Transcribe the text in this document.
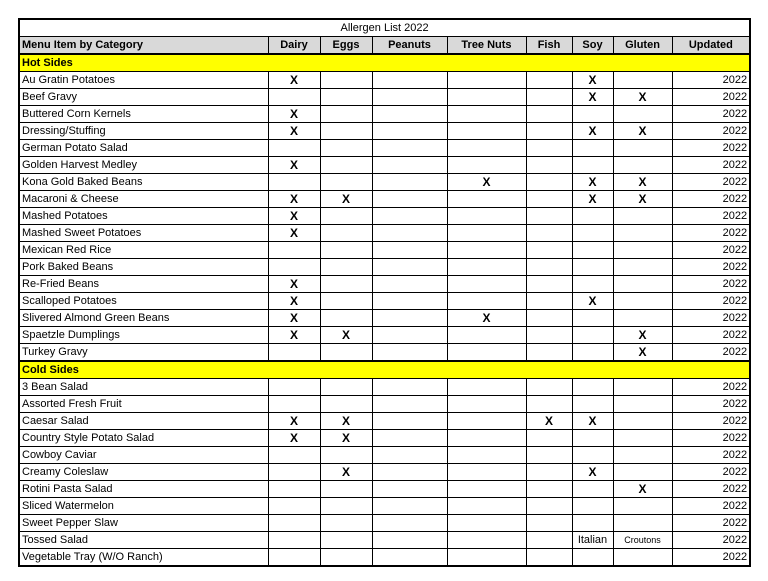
Allergen List 2022								
Menu Item by Category	Dairy	Eggs	Peanuts	Tree Nuts	Fish	Soy	Gluten	Updated
Hot Sides								
Au Gratin Potatoes	X					X		2022
Beef Gravy						X	X	2022
Buttered Corn Kernels	X							2022
Dressing/Stuffing	X					X	X	2022
German Potato Salad								2022
Golden Harvest Medley	X							2022
Kona Gold Baked Beans				X		X	X	2022
Macaroni & Cheese	X	X				X	X	2022
Mashed Potatoes	X							2022
Mashed Sweet Potatoes	X							2022
Mexican Red Rice								2022
Pork Baked Beans								2022
Re-Fried Beans	X							2022
Scalloped Potatoes	X					X		2022
Slivered Almond Green Beans	X			X				2022
Spaetzle Dumplings	X	X					X	2022
Turkey Gravy							X	2022
Cold Sides								
3 Bean Salad								2022
Assorted Fresh Fruit								2022
Caesar Salad	X	X			X	X		2022
Country Style Potato Salad	X	X						2022
Cowboy Caviar								2022
Creamy Coleslaw		X				X		2022
Rotini Pasta Salad							X	2022
Sliced Watermelon								2022
Sweet Pepper Slaw								2022
Tossed Salad						Italian	Croutons	2022
Vegetable Tray (W/O Ranch)								2022
